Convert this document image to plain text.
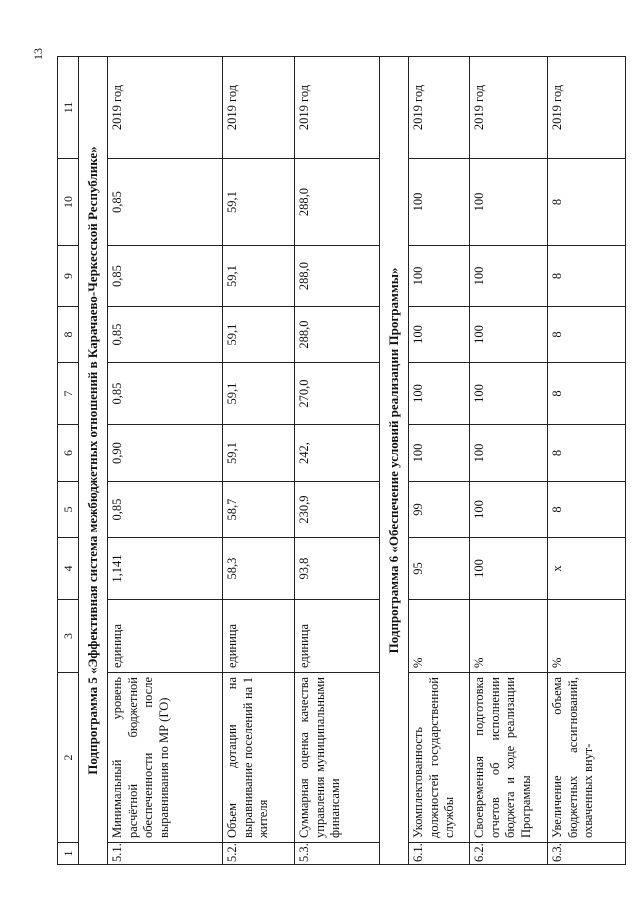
13
1	2	3	4	5	6	7	8	9	10	11
Подпрограмма 5 «Эффективная система межбюджетных отношений в Карачаево-Черкесской Республике»										
5.1.	Минимальный уровень расчётной бюджетной обеспеченности после выравнивания по МР (ГО)	единица	1,141	0,85	0,90	0,85	0,85	0,85	0,85	2019 год
5.2.	Объем дотации на выравнивание поселений на 1 жителя	единица	58,3	58,7	59,1	59,1	59,1	59,1	59,1	2019 год
5.3.	Суммарная оценка качества управления муниципальными финансами	единица	93,8	230,9	242,	270,0	288,0	288,0	288,0	2019 год
Подпрограмма 6 «Обеспечение условий реализации Программы»										
6.1.	Укомплектованность должностей государственной службы	%	95	99	100	100	100	100	100	2019 год
6.2.	Своевременная подготовка отчетов об исполнении бюджета и ходе реализации Программы	%	100	100	100	100	100	100	100	2019 год
6.3.	Увеличение объема бюджетных ассигнований, охваченных внут-	%	x	8	8	8	8	8	8	2019 год
